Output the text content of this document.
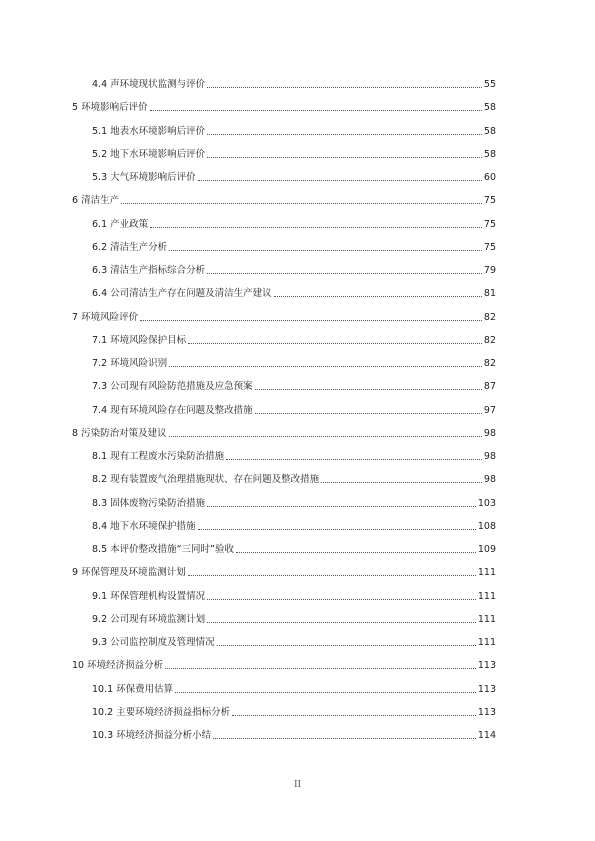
4.4 声环境现状监测与评价	55
5 环境影响后评价	58
5.1 地表水环境影响后评价	58
5.2 地下水环境影响后评价	58
5.3 大气环境影响后评价	60
6 清洁生产	75
6.1 产业政策	75
6.2 清洁生产分析	75
6.3 清洁生产指标综合分析	79
6.4 公司清洁生产存在问题及清洁生产建议	81
7 环境风险评价	82
7.1 环境风险保护目标	82
7.2 环境风险识别	82
7.3 公司现有风险防范措施及应急预案	87
7.4 现有环境风险存在问题及整改措施	97
8 污染防治对策及建议	98
8.1 现有工程废水污染防治措施	98
8.2 现有装置废气治理措施现状、存在问题及整改措施	98
8.3 固体废物污染防治措施	103
8.4 地下水环境保护措施	108
8.5 本评价整改措施“三同时”验收	109
9 环保管理及环境监测计划	111
9.1 环保管理机构设置情况	111
9.2 公司现有环境监测计划	111
9.3 公司监控制度及管理情况	111
10 环境经济损益分析	113
10.1 环保费用估算	113
10.2 主要环境经济损益指标分析	113
10.3 环境经济损益分析小结	114
II
